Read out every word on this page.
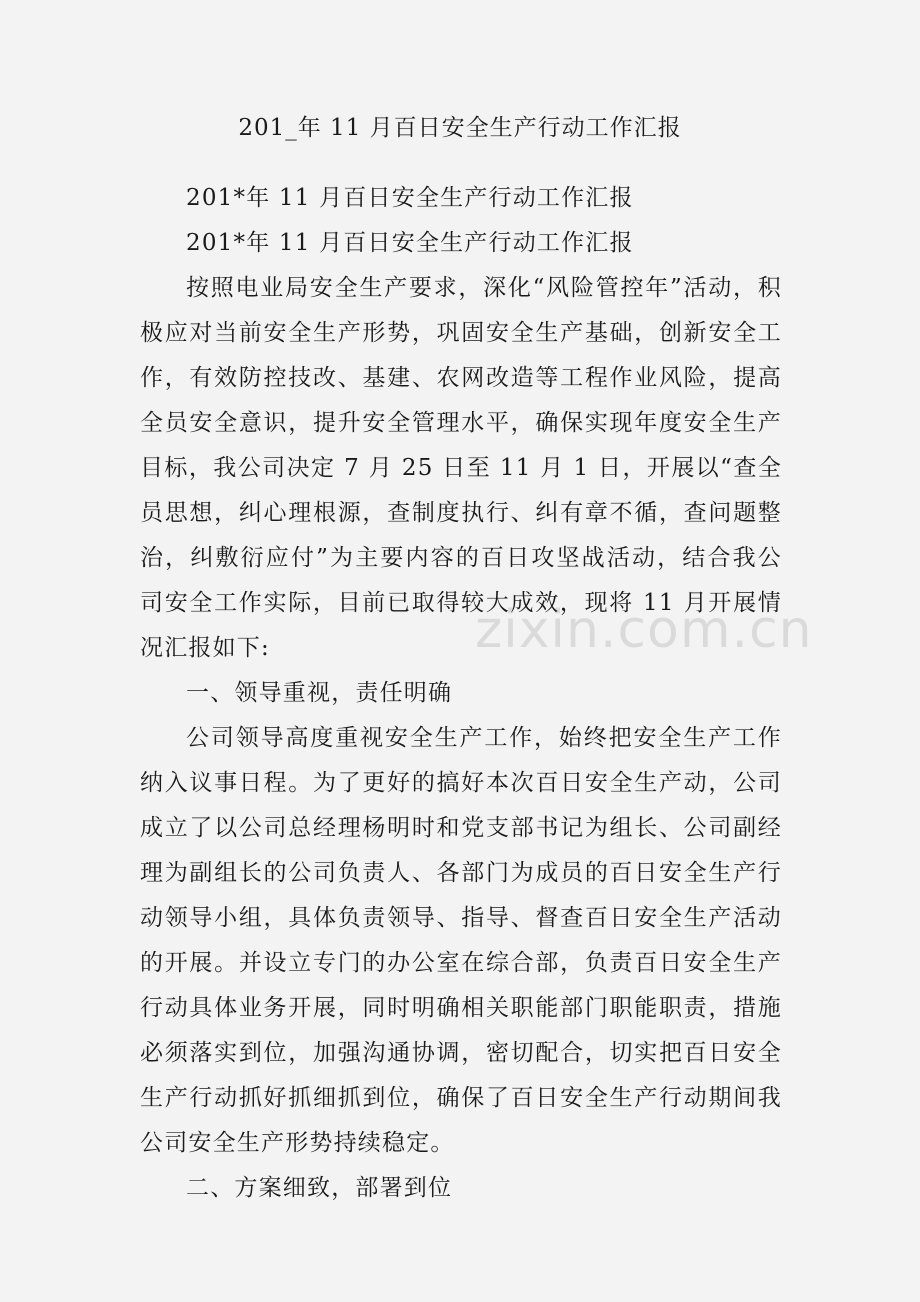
201_年 11 月百日安全生产行动工作汇报

201*年 11 月百日安全生产行动工作汇报

201*年 11 月百日安全生产行动工作汇报

按照电业局安全生产要求，深化“风险管控年”活动，积极应对当前安全生产形势，巩固安全生产基础，创新安全工作，有效防控技改、基建、农网改造等工程作业风险，提高全员安全意识，提升安全管理水平，确保实现年度安全生产目标，我公司决定 7 月 25 日至 11 月 1 日，开展以“查全员思想，纠心理根源，查制度执行、纠有章不循，查问题整治，纠敷衍应付”为主要内容的百日攻坚战活动，结合我公司安全工作实际，目前已取得较大成效，现将 11 月开展情况汇报如下:

一、领导重视，责任明确

公司领导高度重视安全生产工作，始终把安全生产工作纳入议事日程。为了更好的搞好本次百日安全生产动，公司成立了以公司总经理杨明时和党支部书记为组长、公司副经理为副组长的公司负责人、各部门为成员的百日安全生产行动领导小组，具体负责领导、指导、督查百日安全生产活动的开展。并设立专门的办公室在综合部，负责百日安全生产行动具体业务开展，同时明确相关职能部门职能职责，措施必须落实到位，加强沟通协调，密切配合，切实把百日安全生产行动抓好抓细抓到位，确保了百日安全生产行动期间我公司安全生产形势持续稳定。

二、方案细致，部署到位

zixin.com.cn
